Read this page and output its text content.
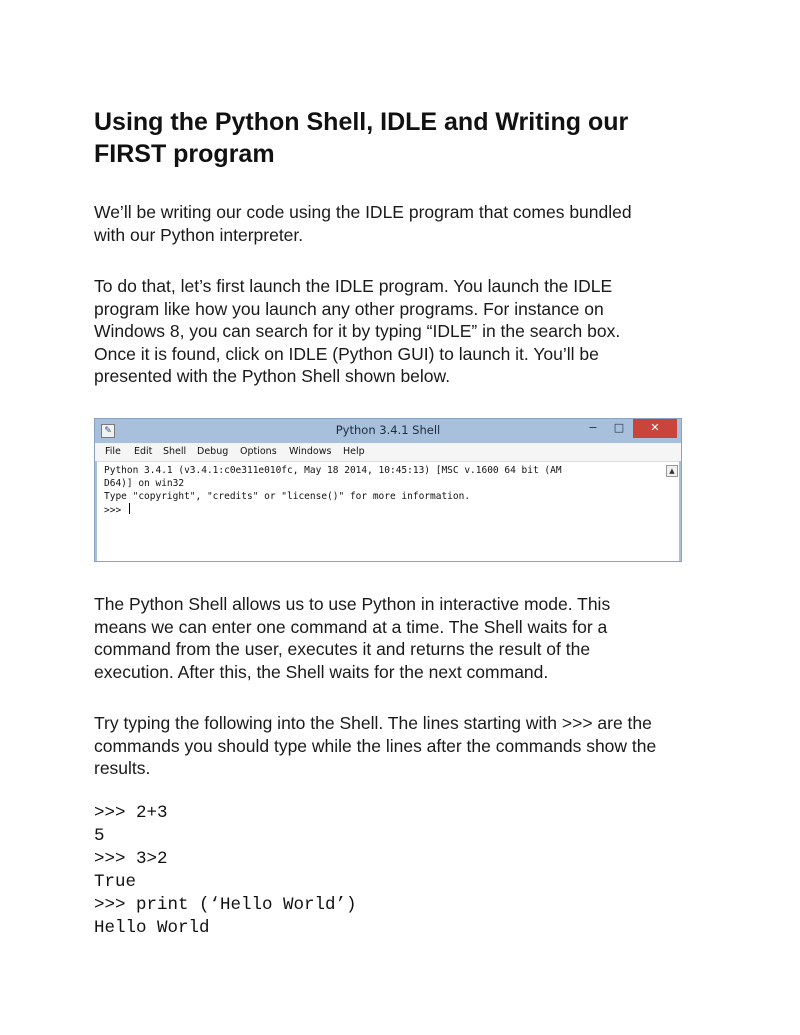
Using the Python Shell, IDLE and Writing our
FIRST program

We’ll be writing our code using the IDLE program that comes bundled
with our Python interpreter.

To do that, let’s first launch the IDLE program. You launch the IDLE
program like how you launch any other programs. For instance on
Windows 8, you can search for it by typing “IDLE” in the search box.
Once it is found, click on IDLE (Python GUI) to launch it. You’ll be
presented with the Python Shell shown below.

✎	Python 3.4.1 Shell	−	□	✕
File Edit Shell Debug Options Windows Help
Python 3.4.1 (v3.4.1:c0e311e010fc, May 18 2014, 10:45:13) [MSC v.1600 64 bit (AM
D64)] on win32
Type "copyright", "credits" or "license()" for more information.
>>>
▲

The Python Shell allows us to use Python in interactive mode. This
means we can enter one command at a time. The Shell waits for a
command from the user, executes it and returns the result of the
execution. After this, the Shell waits for the next command.

Try typing the following into the Shell. The lines starting with >>> are the
commands you should type while the lines after the commands show the
results.

>>> 2+3
5
>>> 3>2
True
>>> print (‘Hello World’)
Hello World
